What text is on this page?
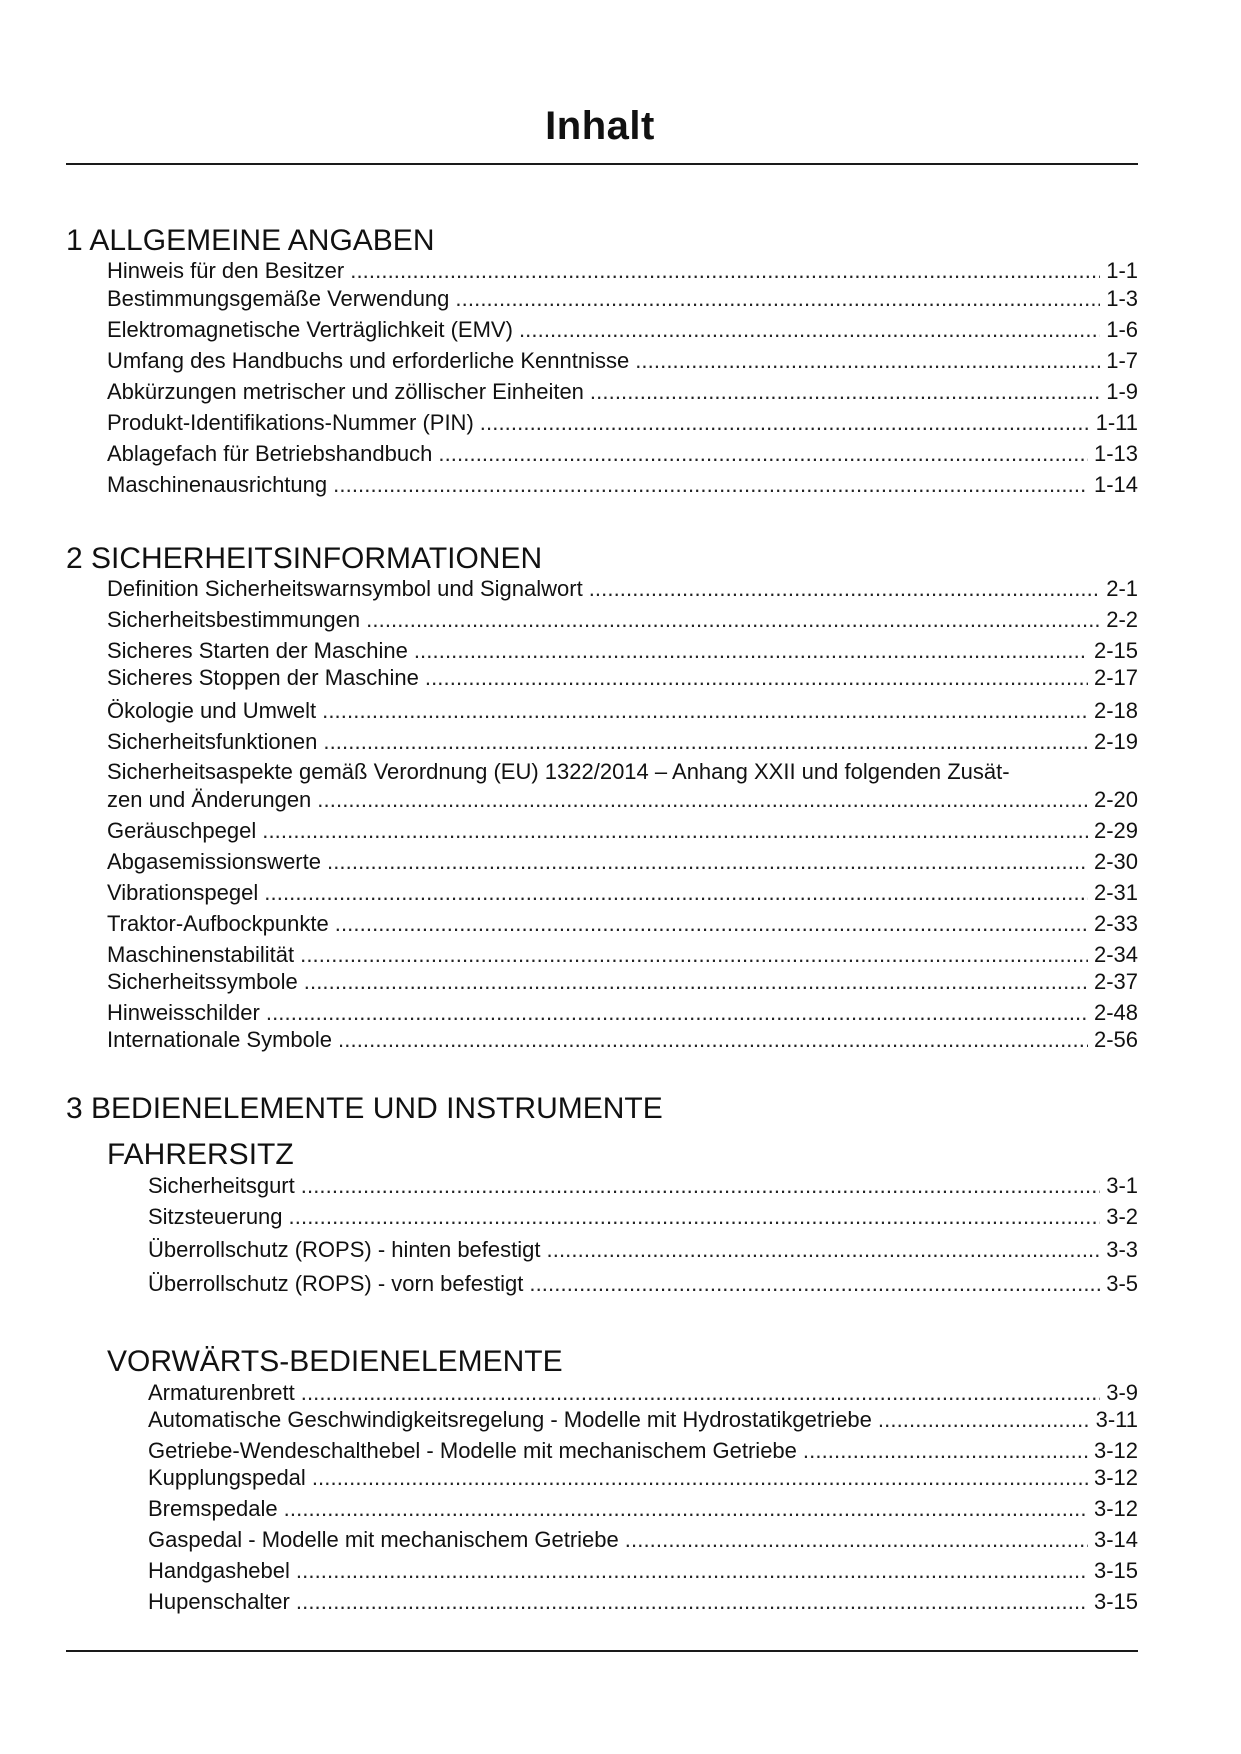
Inhalt
1 ALLGEMEINE ANGABEN
Hinweis für den Besitzer . . .	1-1
Bestimmungsgemäße Verwendung . . .	1-3
Elektromagnetische Verträglichkeit (EMV) . . .	1-6
Umfang des Handbuchs und erforderliche Kenntnisse . . .	1-7
Abkürzungen metrischer und zöllischer Einheiten . . .	1-9
Produkt-Identifikations-Nummer (PIN) . . .	1-11
Ablagefach für Betriebshandbuch . . .	1-13
Maschinenausrichtung . . .	1-14
2 SICHERHEITSINFORMATIONEN
Definition Sicherheitswarnsymbol und Signalwort . . .	2-1
Sicherheitsbestimmungen . . .	2-2
Sicheres Starten der Maschine . . .	2-15
Sicheres Stoppen der Maschine . . .	2-17
Ökologie und Umwelt . . .	2-18
Sicherheitsfunktionen . . .	2-19
Sicherheitsaspekte gemäß Verordnung (EU) 1322/2014 – Anhang XXII und folgenden Zusät-
zen und Änderungen . . .	2-20
Geräuschpegel . . .	2-29
Abgasemissionswerte . . .	2-30
Vibrationspegel . . .	2-31
Traktor-Aufbockpunkte . . .	2-33
Maschinenstabilität . . .	2-34
Sicherheitssymbole . . .	2-37
Hinweisschilder . . .	2-48
Internationale Symbole . . .	2-56
3 BEDIENELEMENTE UND INSTRUMENTE
FAHRERSITZ
Sicherheitsgurt . . .	3-1
Sitzsteuerung . . .	3-2
Überrollschutz (ROPS) - hinten befestigt . . .	3-3
Überrollschutz (ROPS) - vorn befestigt . . .	3-5
VORWÄRTS-BEDIENELEMENTE
Armaturenbrett . . .	3-9
Automatische Geschwindigkeitsregelung - Modelle mit Hydrostatikgetriebe . . .	3-11
Getriebe-Wendeschalthebel - Modelle mit mechanischem Getriebe . . .	3-12
Kupplungspedal . . .	3-12
Bremspedale . . .	3-12
Gaspedal - Modelle mit mechanischem Getriebe . . .	3-14
Handgashebel . . .	3-15
Hupenschalter . . .	3-15
